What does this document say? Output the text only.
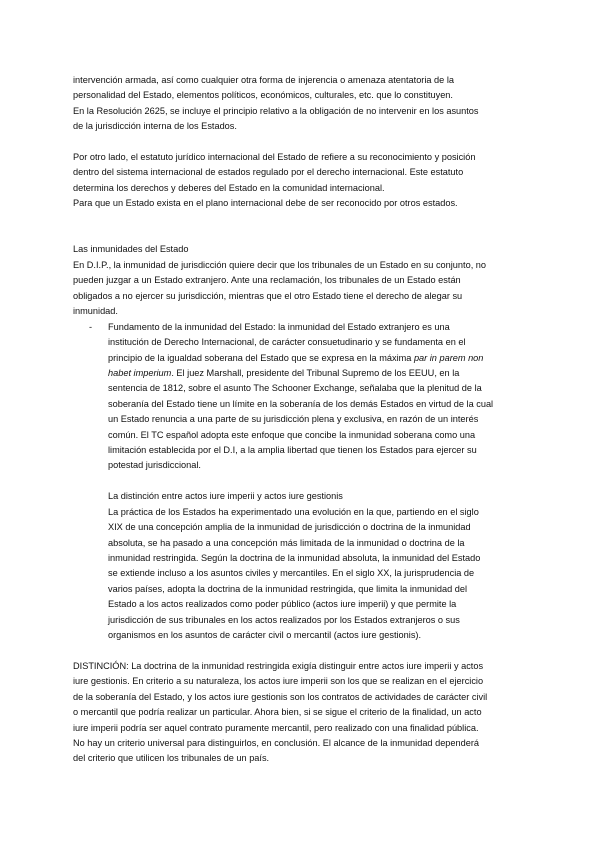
intervención armada, así como cualquier otra forma de injerencia o amenaza atentatoria de la
personalidad del Estado, elementos políticos, económicos, culturales, etc. que lo constituyen.
En la Resolución 2625, se incluye el principio relativo a la obligación de no intervenir en los asuntos
de la jurisdicción interna de los Estados.
Por otro lado, el estatuto jurídico internacional del Estado de refiere a su reconocimiento y posición
dentro del sistema internacional de estados regulado por el derecho internacional. Este estatuto
determina los derechos y deberes del Estado en la comunidad internacional.
Para que un Estado exista en el plano internacional debe de ser reconocido por otros estados.
Las inmunidades del Estado
En D.I.P., la inmunidad de jurisdicción quiere decir que los tribunales de un Estado en su conjunto, no
pueden juzgar a un Estado extranjero. Ante una reclamación, los tribunales de un Estado están
obligados a no ejercer su jurisdicción, mientras que el otro Estado tiene el derecho de alegar su
inmunidad.
- Fundamento de la inmunidad del Estado: la inmunidad del Estado extranjero es una
institución de Derecho Internacional, de carácter consuetudinario y se fundamenta en el
principio de la igualdad soberana del Estado que se expresa en la máxima par in parem non
habet imperium. El juez Marshall, presidente del Tribunal Supremo de los EEUU, en la
sentencia de 1812, sobre el asunto The Schooner Exchange, señalaba que la plenitud de la
soberanía del Estado tiene un límite en la soberanía de los demás Estados en virtud de la cual
un Estado renuncia a una parte de su jurisdicción plena y exclusiva, en razón de un interés
común. El TC español adopta este enfoque que concibe la inmunidad soberana como una
limitación establecida por el D.I, a la amplia libertad que tienen los Estados para ejercer su
potestad jurisdiccional.
La distinción entre actos iure imperii y actos iure gestionis
La práctica de los Estados ha experimentado una evolución en la que, partiendo en el siglo
XIX de una concepción amplia de la inmunidad de jurisdicción o doctrina de la inmunidad
absoluta, se ha pasado a una concepción más limitada de la inmunidad o doctrina de la
inmunidad restringida. Según la doctrina de la inmunidad absoluta, la inmunidad del Estado
se extiende incluso a los asuntos civiles y mercantiles. En el siglo XX, la jurisprudencia de
varios países, adopta la doctrina de la inmunidad restringida, que limita la inmunidad del
Estado a los actos realizados como poder público (actos iure imperii) y que permite la
jurisdicción de sus tribunales en los actos realizados por los Estados extranjeros o sus
organismos en los asuntos de carácter civil o mercantil (actos iure gestionis).
DISTINCIÓN: La doctrina de la inmunidad restringida exigía distinguir entre actos iure imperii y actos
iure gestionis. En criterio a su naturaleza, los actos iure imperii son los que se realizan en el ejercicio
de la soberanía del Estado, y los actos iure gestionis son los contratos de actividades de carácter civil
o mercantil que podría realizar un particular. Ahora bien, si se sigue el criterio de la finalidad, un acto
iure imperii podría ser aquel contrato puramente mercantil, pero realizado con una finalidad pública.
No hay un criterio universal para distinguirlos, en conclusión. El alcance de la inmunidad dependerá
del criterio que utilicen los tribunales de un país.
